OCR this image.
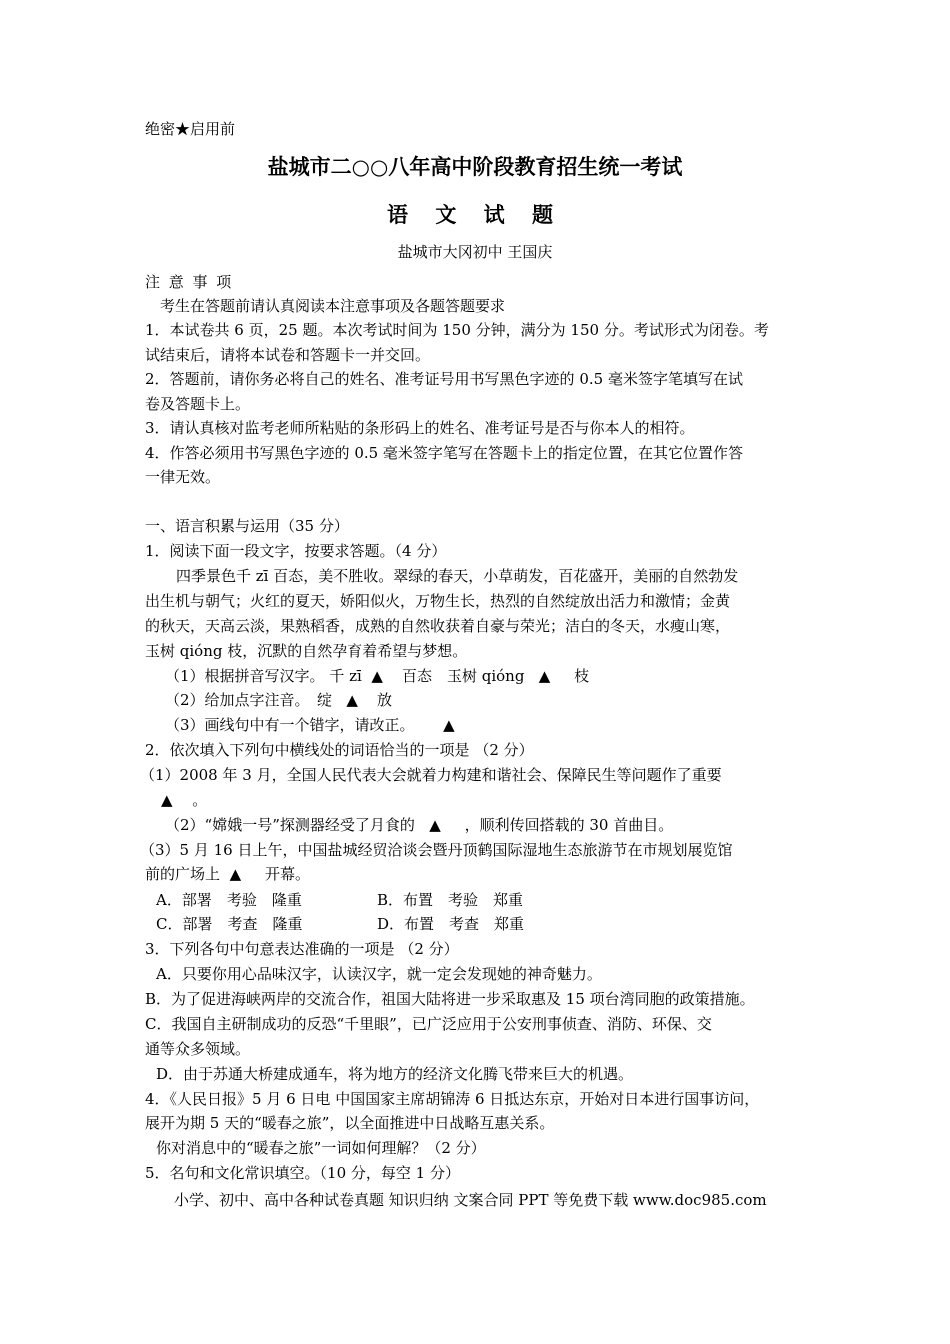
绝密★启用前
盐城市二○○八年高中阶段教育招生统一考试
语 文 试 题
盐城市大冈初中 王国庆
注 意 事 项
考生在答题前请认真阅读本注意事项及各题答题要求
1．本试卷共 6 页，25 题。本次考试时间为 150 分钟，满分为 150 分。考试形式为闭卷。考
试结束后，请将本试卷和答题卡一并交回。
2．答题前，请你务必将自己的姓名、准考证号用书写黑色字迹的 0.5 毫米签字笔填写在试
卷及答题卡上。
3．请认真核对监考老师所粘贴的条形码上的姓名、准考证号是否与你本人的相符。
4．作答必须用书写黑色字迹的 0.5 毫米签字笔写在答题卡上的指定位置，在其它位置作答
一律无效。
一、语言积累与运用（35 分）
1．阅读下面一段文字，按要求答题。（4 分）
四季景色千 zī 百态，美不胜收。翠绿的春天，小草萌发，百花盛开，美丽的自然勃发
出生机与朝气；火红的夏天，娇阳似火，万物生长，热烈的自然绽放出活力和激情；金黄
的秋天，天高云淡，果熟稻香，成熟的自然收获着自豪与荣光；洁白的冬天，水瘦山寒，
玉树 qióng 枝，沉默的自然孕育着希望与梦想。
（1）根据拼音写汉字。 千 zī ▲ 百态　玉树 qióng ▲ 枝
（2）给加点字注音。　绽 ▲ 放
（3）画线句中有一个错字，请改正。 ▲
2．依次填入下列句中横线处的词语恰当的一项是 （2 分）
（1）2008 年 3 月，全国人民代表大会就着力构建和谐社会、保障民生等问题作了重要
▲　 。
（2）“嫦娥一号”探测器经受了月食的 ▲ ，顺利传回搭载的 30 首曲目。
（3）5 月 16 日上午，中国盐城经贸洽谈会暨丹顶鹤国际湿地生态旅游节在市规划展览馆
前的广场上 ▲ 开幕。
A．部署　考验　隆重	B．布置　考验　郑重
C．部署　考查　隆重	D．布置　考查　郑重
3．下列各句中句意表达准确的一项是 （2 分）
A．只要你用心品味汉字，认读汉字，就一定会发现她的神奇魅力。
B．为了促进海峡两岸的交流合作，祖国大陆将进一步采取惠及 15 项台湾同胞的政策措施。
C．我国自主研制成功的反恐“千里眼”，已广泛应用于公安刑事侦查、消防、环保、交
通等众多领域。
D．由于苏通大桥建成通车，将为地方的经济文化腾飞带来巨大的机遇。
4．《人民日报》5 月 6 日电 中国国家主席胡锦涛 6 日抵达东京，开始对日本进行国事访问，
展开为期 5 天的“暖春之旅”，以全面推进中日战略互惠关系。
你对消息中的“暖春之旅”一词如何理解？（2 分）
5．名句和文化常识填空。（10 分，每空 1 分）
小学、初中、高中各种试卷真题 知识归纳 文案合同 PPT 等免费下载 www.doc985.com
